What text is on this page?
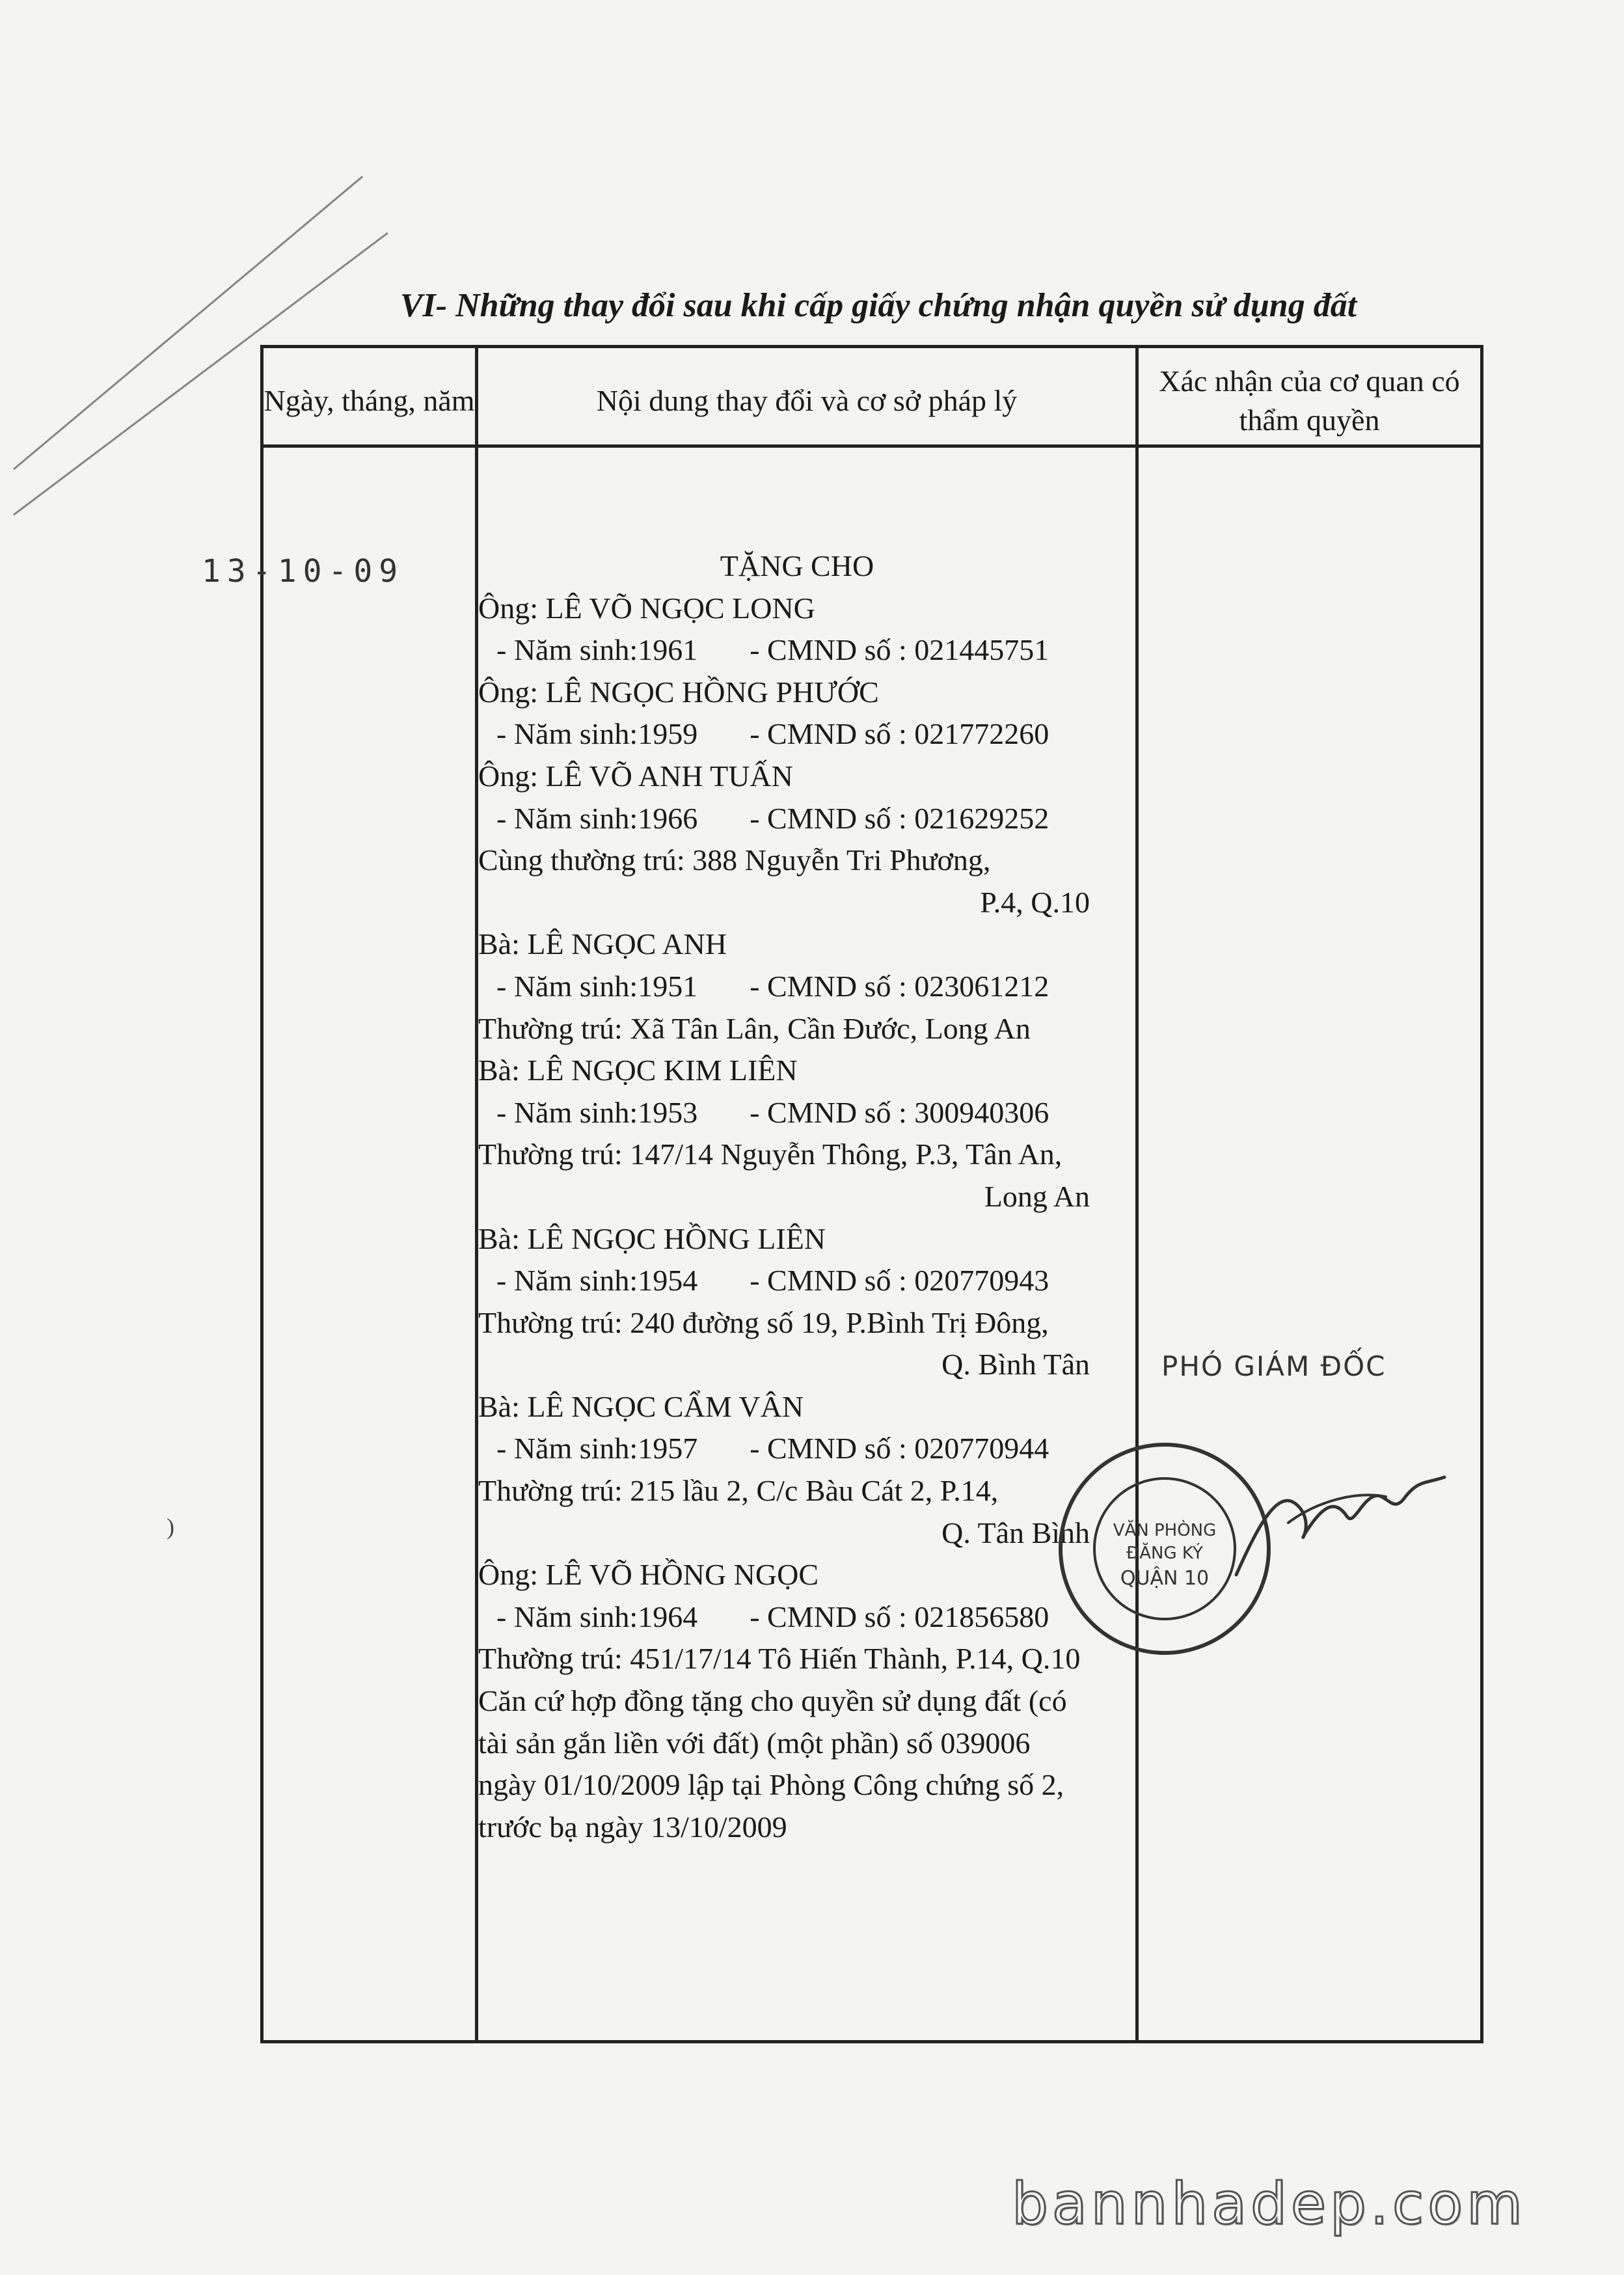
VI- Những thay đổi sau khi cấp giấy chứng nhận quyền sử dụng đất
Ngày, tháng, năm	Nội dung thay đổi và cơ sở pháp lý
Xác nhận của cơ quan có thẩm quyền
13-10-09	TẶNG CHO
Ông: LÊ VÕ NGỌC LONG
- Năm sinh:1961 - CMND số : 021445751
Ông: LÊ NGỌC HỒNG PHƯỚC
- Năm sinh:1959 - CMND số : 021772260
Ông: LÊ VÕ ANH TUẤN
- Năm sinh:1966 - CMND số : 021629252
Cùng thường trú: 388 Nguyễn Tri Phương,
P.4, Q.10
Bà: LÊ NGỌC ANH
- Năm sinh:1951 - CMND số : 023061212
Thường trú: Xã Tân Lân, Cần Đước, Long An
Bà: LÊ NGỌC KIM LIÊN
- Năm sinh:1953 - CMND số : 300940306
Thường trú: 147/14 Nguyễn Thông, P.3, Tân An,
Long An
Bà: LÊ NGỌC HỒNG LIÊN
- Năm sinh:1954 - CMND số : 020770943
Thường trú: 240 đường số 19, P.Bình Trị Đông,
Q. Bình Tân
Bà: LÊ NGỌC CẨM VÂN
- Năm sinh:1957 - CMND số : 020770944
Thường trú: 215 lầu 2, C/c Bàu Cát 2, P.14,
Q. Tân Bình
Ông: LÊ VÕ HỒNG NGỌC
- Năm sinh:1964 - CMND số : 021856580
Thường trú: 451/17/14 Tô Hiến Thành, P.14, Q.10
Căn cứ hợp đồng tặng cho quyền sử dụng đất (có
tài sản gắn liền với đất) (một phần) số 039006
ngày 01/10/2009 lập tại Phòng Công chứng số 2,
trước bạ ngày 13/10/2009
PHÓ GIÁM ĐỐC
VĂN PHÒNG
ĐĂNG KÝ
QUẬN 10
)
bannhadep.com
